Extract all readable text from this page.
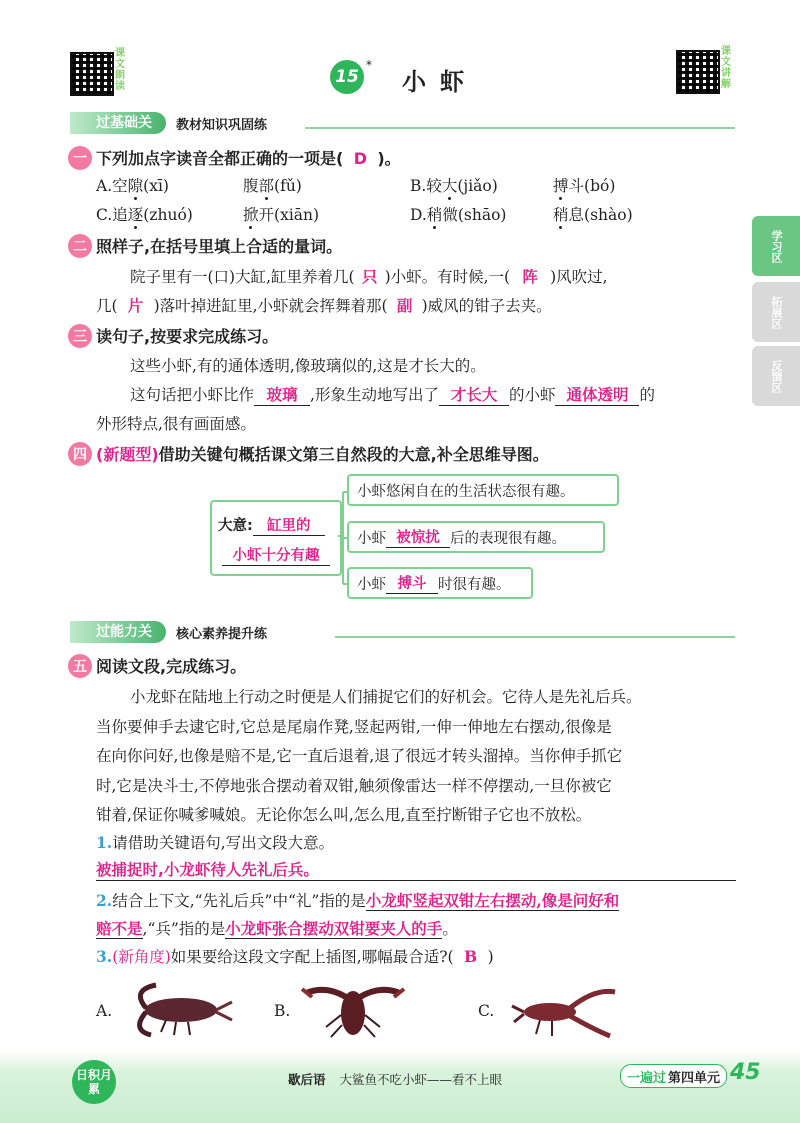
课文朗读	15
*
小虾
课文讲解
学习区
拓展区
反馈区
过基础关	教材知识巩固练
一 下列加点字读音全都正确的一项是( D )。
A.空隙(xī)	腹部(fǔ)	B.较大(jiǎo)	搏斗(bó)
C.追逐(zhuó)	掀开(xiān)	D.稍微(shāo)	稍息(shào)
二 照样子,在括号里填上合适的量词。
院子里有一(口)大缸,缸里养着几( 只 )小虾。有时候,一( 阵 )风吹过,
几( 片 )落叶掉进缸里,小虾就会挥舞着那( 副 )威风的钳子去夹。
三 读句子,按要求完成练习。
这些小虾,有的通体透明,像玻璃似的,这是才长大的。
这句话把小虾比作 玻璃 ,形象生动地写出了 才长大 的小虾 通体透明 的
外形特点,很有画面感。
四 (新题型)借助关键句概括课文第三自然段的大意,补全思维导图。
大意: 缸里的
小虾十分有趣
小虾悠闲自在的生活状态很有趣。
小虾 被惊扰 后的表现很有趣。
小虾 搏斗 时很有趣。
过能力关	核心素养提升练
五 阅读文段,完成练习。
小龙虾在陆地上行动之时便是人们捕捉它们的好机会。它待人是先礼后兵。
当你要伸手去逮它时,它总是尾扇作凳,竖起两钳,一伸一伸地左右摆动,很像是
在向你问好,也像是赔不是,它一直后退着,退了很远才转头溜掉。当你伸手抓它
时,它是决斗士,不停地张合摆动着双钳,触须像雷达一样不停摆动,一旦你被它
钳着,保证你喊爹喊娘。无论你怎么叫,怎么甩,直至拧断钳子它也不放松。
1.请借助关键语句,写出文段大意。
被捕捉时,小龙虾待人先礼后兵。
2.结合上下文,“先礼后兵”中“礼”指的是小龙虾竖起双钳左右摆动,像是问好和
赔不是,“兵”指的是小龙虾张合摆动双钳要夹人的手。
3.(新角度)如果要给这段文字配上插图,哪幅最合适?( B )
A.	B.	C.
日积月累
歇后语 大鲨鱼不吃小虾——看不上眼	一遍过 第四单元 45
